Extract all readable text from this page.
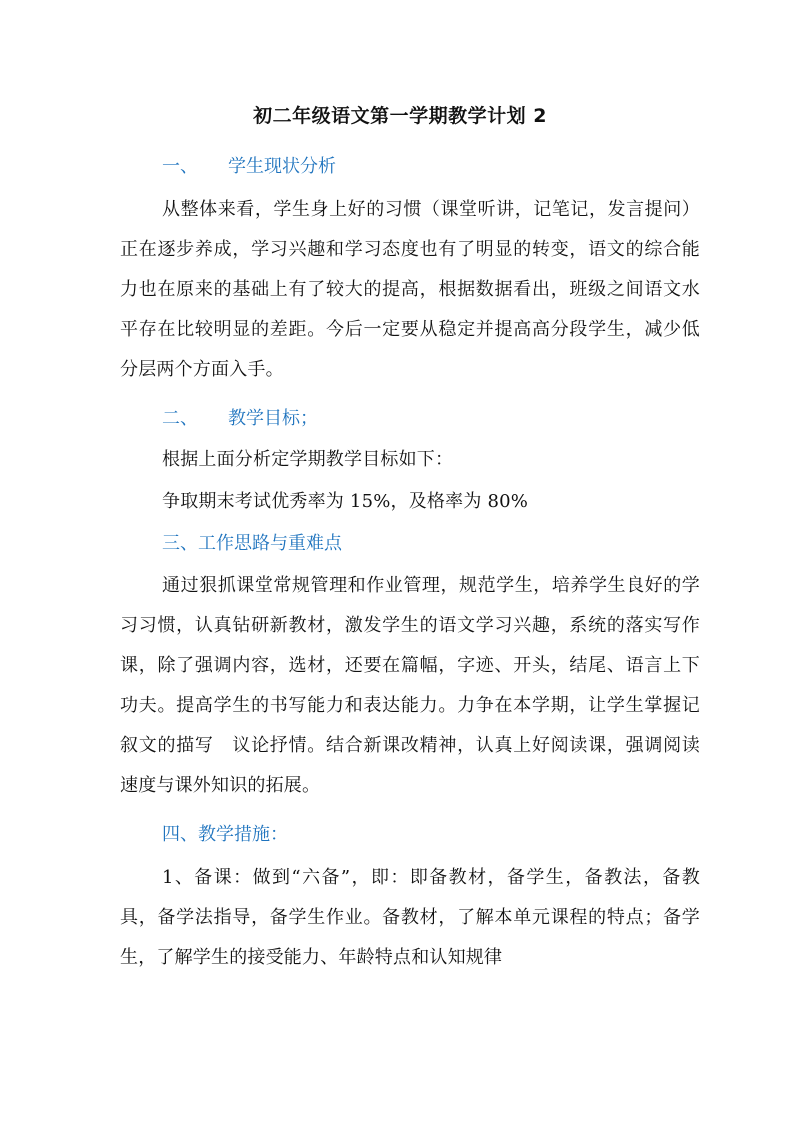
初二年级语文第一学期教学计划 2
一、 学生现状分析

从整体来看，学生身上好的习惯（课堂听讲，记笔记，发言提问）正在逐步养成，学习兴趣和学习态度也有了明显的转变，语文的综合能力也在原来的基础上有了较大的提高，根据数据看出，班级之间语文水平存在比较明显的差距。今后一定要从稳定并提高高分段学生，减少低分层两个方面入手。

二、 教学目标；
根据上面分析定学期教学目标如下：
争取期末考试优秀率为 15%，及格率为 80%
三、工作思路与重难点

通过狠抓课堂常规管理和作业管理，规范学生，培养学生良好的学习习惯，认真钻研新教材，激发学生的语文学习兴趣，系统的落实写作课，除了强调内容，选材，还要在篇幅，字迹、开头，结尾、语言上下功夫。提高学生的书写能力和表达能力。力争在本学期，让学生掌握记叙文的描写　议论抒情。结合新课改精神，认真上好阅读课，强调阅读速度与课外知识的拓展。

四、教学措施：

1、备课：做到“六备”，即：即备教材，备学生，备教法，备教具，备学法指导，备学生作业。备教材，了解本单元课程的特点；备学生，了解学生的接受能力、年龄特点和认知规律
